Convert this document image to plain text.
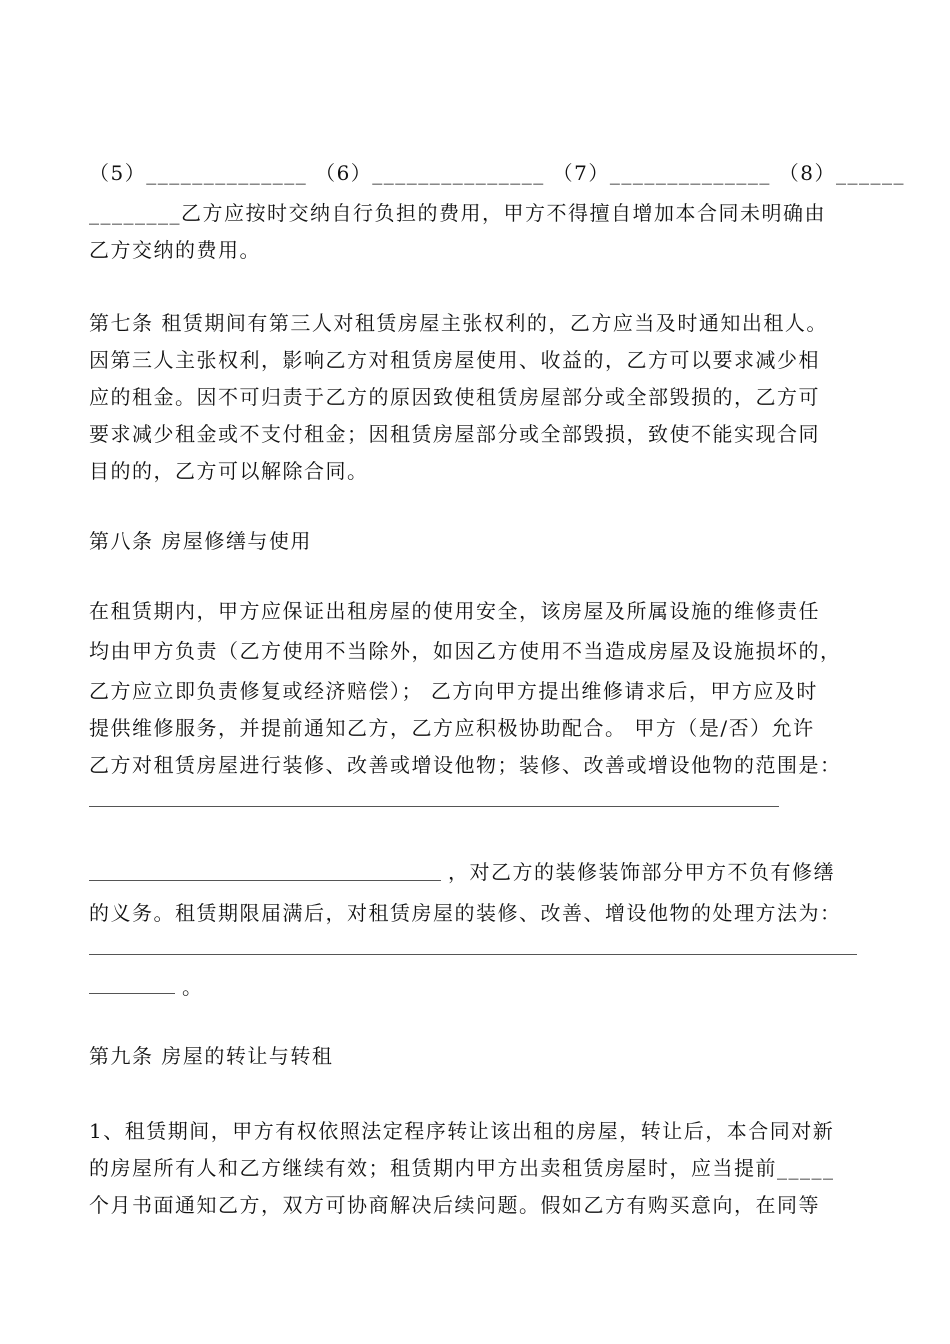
（5）______________ （6）_______________ （7）______________ （8）______
________乙方应按时交纳自行负担的费用，甲方不得擅自增加本合同未明确由
乙方交纳的费用。
第七条 租赁期间有第三人对租赁房屋主张权利的，乙方应当及时通知出租人。
因第三人主张权利，影响乙方对租赁房屋使用、收益的，乙方可以要求减少相
应的租金。因不可归责于乙方的原因致使租赁房屋部分或全部毁损的，乙方可
要求减少租金或不支付租金；因租赁房屋部分或全部毁损，致使不能实现合同
目的的，乙方可以解除合同。
第八条 房屋修缮与使用
在租赁期内，甲方应保证出租房屋的使用安全，该房屋及所属设施的维修责任
均由甲方负责（乙方使用不当除外，如因乙方使用不当造成房屋及设施损坏的，
乙方应立即负责修复或经济赔偿）； 乙方向甲方提出维修请求后，甲方应及时
提供维修服务，并提前通知乙方，乙方应积极协助配合。 甲方（是/否）允许
乙方对租赁房屋进行装修、改善或增设他物；装修、改善或增设他物的范围是：
，对乙方的装修装饰部分甲方不负有修缮
的义务。租赁期限届满后，对租赁房屋的装修、改善、增设他物的处理方法为：
。
第九条 房屋的转让与转租
1、租赁期间，甲方有权依照法定程序转让该出租的房屋，转让后，本合同对新
的房屋所有人和乙方继续有效；租赁期内甲方出卖租赁房屋时，应当提前_____
个月书面通知乙方，双方可协商解决后续问题。假如乙方有购买意向，在同等
